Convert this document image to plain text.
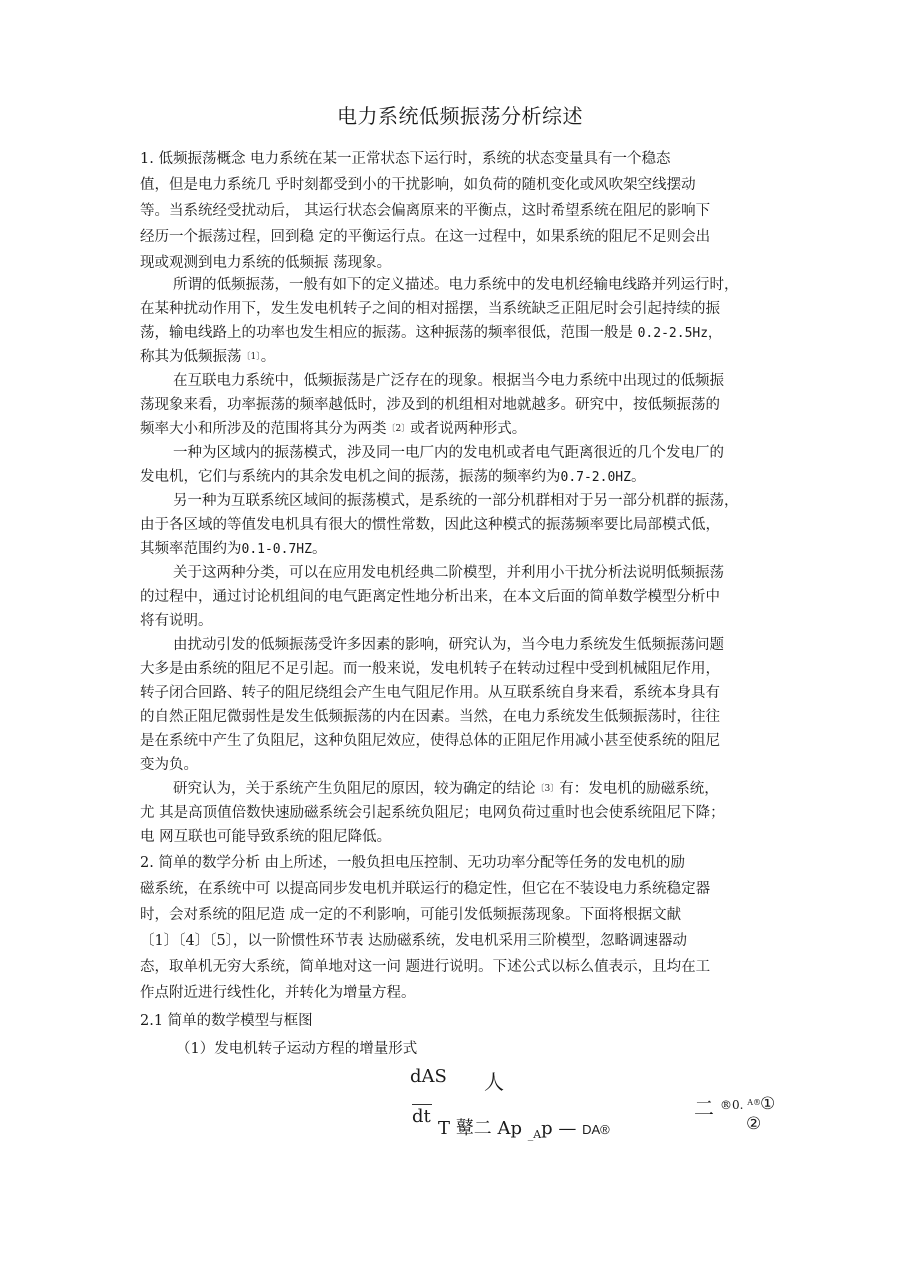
电力系统低频振荡分析综述
1. 低频振荡概念 电力系统在某一正常状态下运行时，系统的状态变量具有一个稳态
值，但是电力系统几 乎时刻都受到小的干扰影响，如负荷的随机变化或风吹架空线摆动
等。当系统经受扰动后， 其运行状态会偏离原来的平衡点，这时希望系统在阻尼的影响下
经历一个振荡过程，回到稳 定的平衡运行点。在这一过程中，如果系统的阻尼不足则会出
现或观测到电力系统的低频振 荡现象。
所谓的低频振荡，一般有如下的定义描述。电力系统中的发电机经输电线路并列运行时，
在某种扰动作用下，发生发电机转子之间的相对摇摆，当系统缺乏正阻尼时会引起持续的振
荡，输电线路上的功率也发生相应的振荡。这种振荡的频率很低，范围一般是 0.2-2.5Hz，
称其为低频振荡$^{〔1〕}$。
在互联电力系统中，低频振荡是广泛存在的现象。根据当今电力系统中出现过的低频振
荡现象来看，功率振荡的频率越低时，涉及到的机组相对地就越多。研究中，按低频振荡的
频率大小和所涉及的范围将其分为两类$^{〔2〕}$或者说两种形式。
一种为区域内的振荡模式，涉及同一电厂内的发电机或者电气距离很近的几个发电厂的
发电机，它们与系统内的其余发电机之间的振荡，振荡的频率约为0.7-2.0HZ。
另一种为互联系统区域间的振荡模式，是系统的一部分机群相对于另一部分机群的振荡，
由于各区域的等值发电机具有很大的惯性常数，因此这种模式的振荡频率要比局部模式低，
其频率范围约为0.1-0.7HZ。
关于这两种分类，可以在应用发电机经典二阶模型，并利用小干扰分析法说明低频振荡
的过程中，通过讨论机组间的电气距离定性地分析出来，在本文后面的简单数学模型分析中
将有说明。
由扰动引发的低频振荡受许多因素的影响，研究认为，当今电力系统发生低频振荡问题
大多是由系统的阻尼不足引起。而一般来说，发电机转子在转动过程中受到机械阻尼作用，
转子闭合回路、转子的阻尼绕组会产生电气阻尼作用。从互联系统自身来看，系统本身具有
的自然正阻尼微弱性是发生低频振荡的内在因素。当然，在电力系统发生低频振荡时，往往
是在系统中产生了负阻尼，这种负阻尼效应，使得总体的正阻尼作用减小甚至使系统的阻尼
变为负。
研究认为，关于系统产生负阻尼的原因，较为确定的结论$^{〔3〕}$有：发电机的励磁系统，
尤 其是高顶值倍数快速励磁系统会引起系统负阻尼；电网负荷过重时也会使系统阻尼下降；
电 网互联也可能导致系统的阻尼降低。
2. 简单的数学分析 由上所述，一般负担电压控制、无功功率分配等任务的发电机的励
磁系统，在系统中可 以提高同步发电机并联运行的稳定性，但它在不装设电力系统稳定器
时，会对系统的阻尼造 成一定的不利影响，可能引发低频振荡现象。下面将根据文献
〔1〕〔4〕〔5〕，以一阶惯性环节表 达励磁系统，发电机采用三阶模型，忽略调速器动
态，取单机无穷大系统，简单地对这一问 题进行说明。下述公式以标么值表示，且均在工
作点附近进行线性化，并转化为增量方程。
2.1 简单的数学模型与框图
（1）发电机转子运动方程的增量形式
dAS 人
dt
T 鼙二 Ap $_{\_A}$p — DA®
二 ®0. $^{A®}$
①
②
